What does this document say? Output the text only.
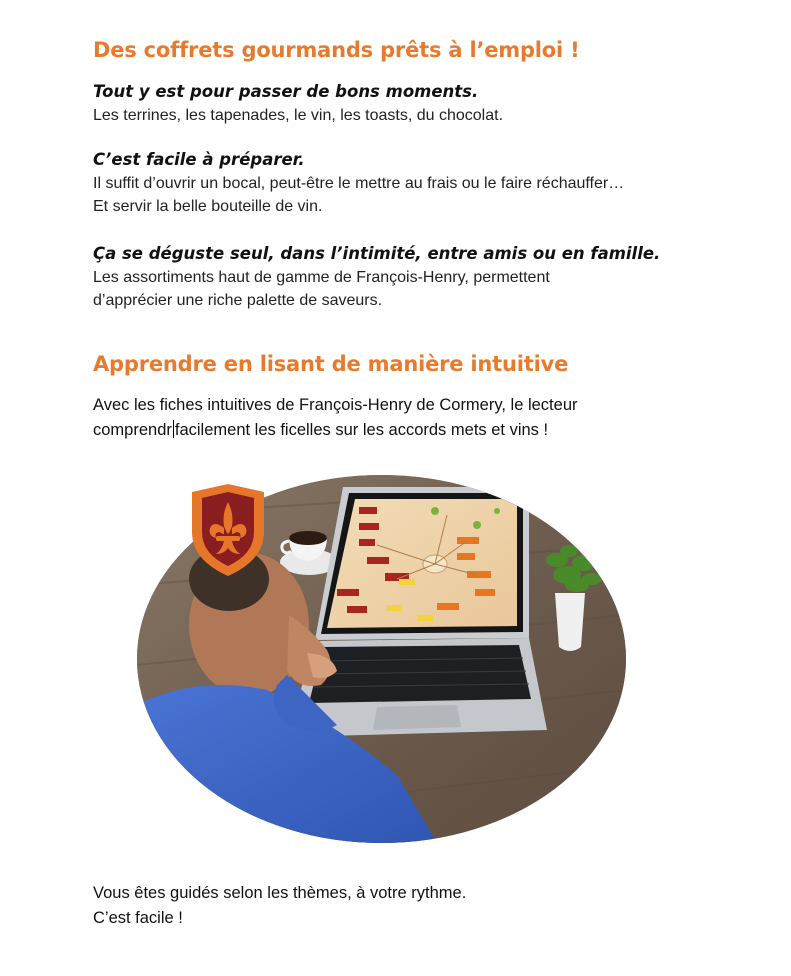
Des coffrets gourmands prêts à l’emploi !
Tout y est pour passer de bons moments.
Les terrines, les tapenades, le vin, les toasts, du chocolat.
C’est facile à préparer.
Il suffit d’ouvrir un bocal, peut-être le mettre au frais ou le faire réchauffer…
Et servir la belle bouteille de vin.
Ça se déguste seul, dans l’intimité, entre amis ou en famille.
Les assortiments haut de gamme de François-Henry, permettent
d’apprécier une riche palette de saveurs.
Apprendre en lisant de manière intuitive
Avec les fiches intuitives de François-Henry de Cormery, le lecteur
comprendr facilement les ficelles sur les accords mets et vins !
Vous êtes guidés selon les thèmes, à votre rythme.
C’est facile !
